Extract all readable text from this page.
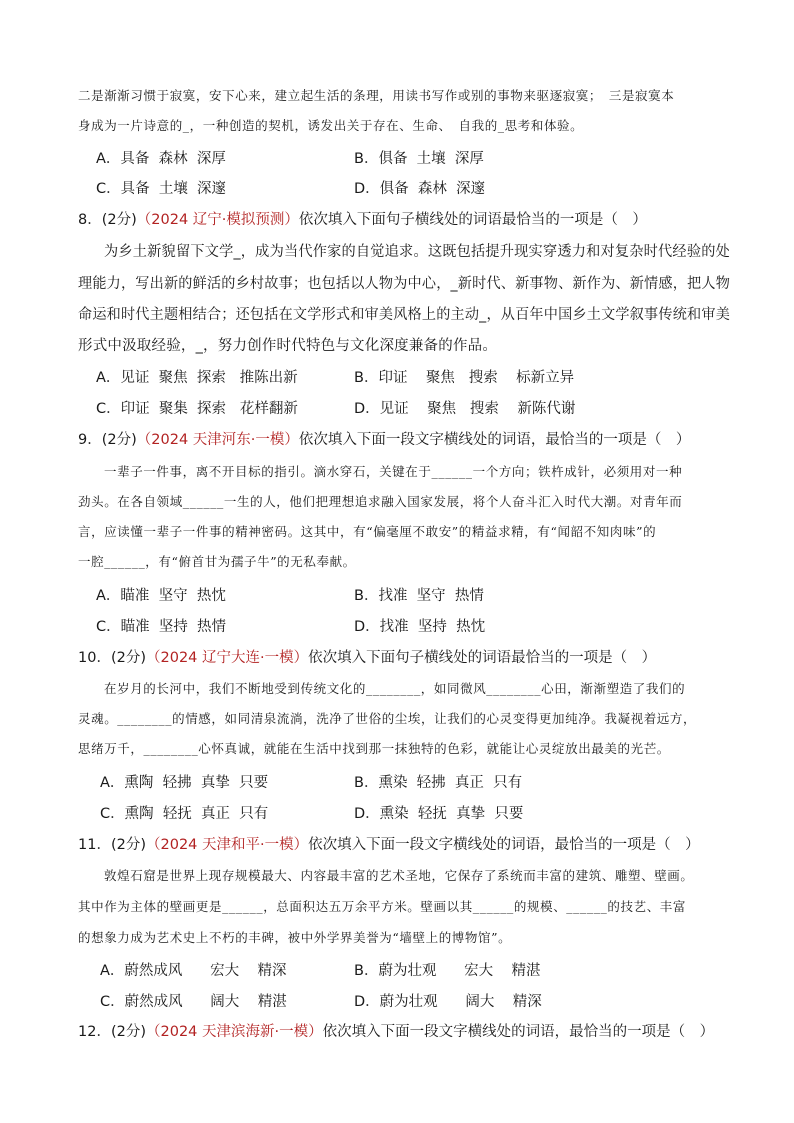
二是渐渐习惯于寂寞，安下心来，建立起生活的条理，用读书写作或别的事物来驱逐寂寞；　三是寂寞本
身成为一片诗意的_，一种创造的契机，诱发出关于存在、生命、　自我的_思考和体验。
A．具备  森林  深厚	B．俱备  土壤  深厚
C．具备  土壤  深邃	D．俱备  森林  深邃
8．(2分)（2024 辽宁·模拟预测）依次填入下面句子横线处的词语最恰当的一项是（　）
为乡土新貌留下文学_，成为当代作家的自觉追求。这既包括提升现实穿透力和对复杂时代经验的处
理能力，写出新的鲜活的乡村故事；也包括以人物为中心，_新时代、新事物、新作为、新情感，把人物
命运和时代主题相结合；还包括在文学形式和审美风格上的主动_，从百年中国乡土文学叙事传统和审美
形式中汲取经验，_，努力创作时代特色与文化深度兼备的作品。
A．见证  聚焦  探索   推陈出新	B．印证    聚焦   搜索    标新立异
C．印证  聚集  探索   花样翻新	D．见证    聚焦   搜索    新陈代谢
9．(2分)（2024 天津河东·一模）依次填入下面一段文字横线处的词语，最恰当的一项是（　）
一辈子一件事，离不开目标的指引。滴水穿石，关键在于______一个方向；铁杵成针，必须用对一种
劲头。在各自领域______一生的人，他们把理想追求融入国家发展，将个人奋斗汇入时代大潮。对青年而
言，应读懂一辈子一件事的精神密码。这其中，有“偏毫厘不敢安”的精益求精，有“闻韶不知肉味”的
一腔______，有“俯首甘为孺子牛”的无私奉献。
A．瞄准  坚守  热忱	B．找准  坚守  热情
C．瞄准  坚持  热情	D．找准  坚持  热忱
10．(2分)（2024 辽宁大连·一模）依次填入下面句子横线处的词语最恰当的一项是（　）
在岁月的长河中，我们不断地受到传统文化的________，如同微风________心田，渐渐塑造了我们的
灵魂。________的情感，如同清泉流淌，洗净了世俗的尘埃，让我们的心灵变得更加纯净。我凝视着远方，
思绪万千，________心怀真诚，就能在生活中找到那一抹独特的色彩，就能让心灵绽放出最美的光芒。
A．熏陶  轻拂  真挚  只要	B．熏染  轻拂  真正  只有
C．熏陶  轻抚  真正  只有	D．熏染  轻抚  真挚  只要
11．(2分)（2024 天津和平·一模）依次填入下面一段文字横线处的词语，最恰当的一项是（　）
敦煌石窟是世界上现存规模最大、内容最丰富的艺术圣地，它保存了系统而丰富的建筑、雕塑、壁画。
其中作为主体的壁画更是______，总面积达五万余平方米。壁画以其______的规模、______的技艺、丰富
的想象力成为艺术史上不朽的丰碑，被中外学界美誉为“墙壁上的博物馆”。
A．蔚然成风      宏大    精深	B．蔚为壮观      宏大    精湛
C．蔚然成风      阔大    精湛	D．蔚为壮观      阔大    精深
12．(2分)（2024 天津滨海新·一模）依次填入下面一段文字横线处的词语，最恰当的一项是（　）
